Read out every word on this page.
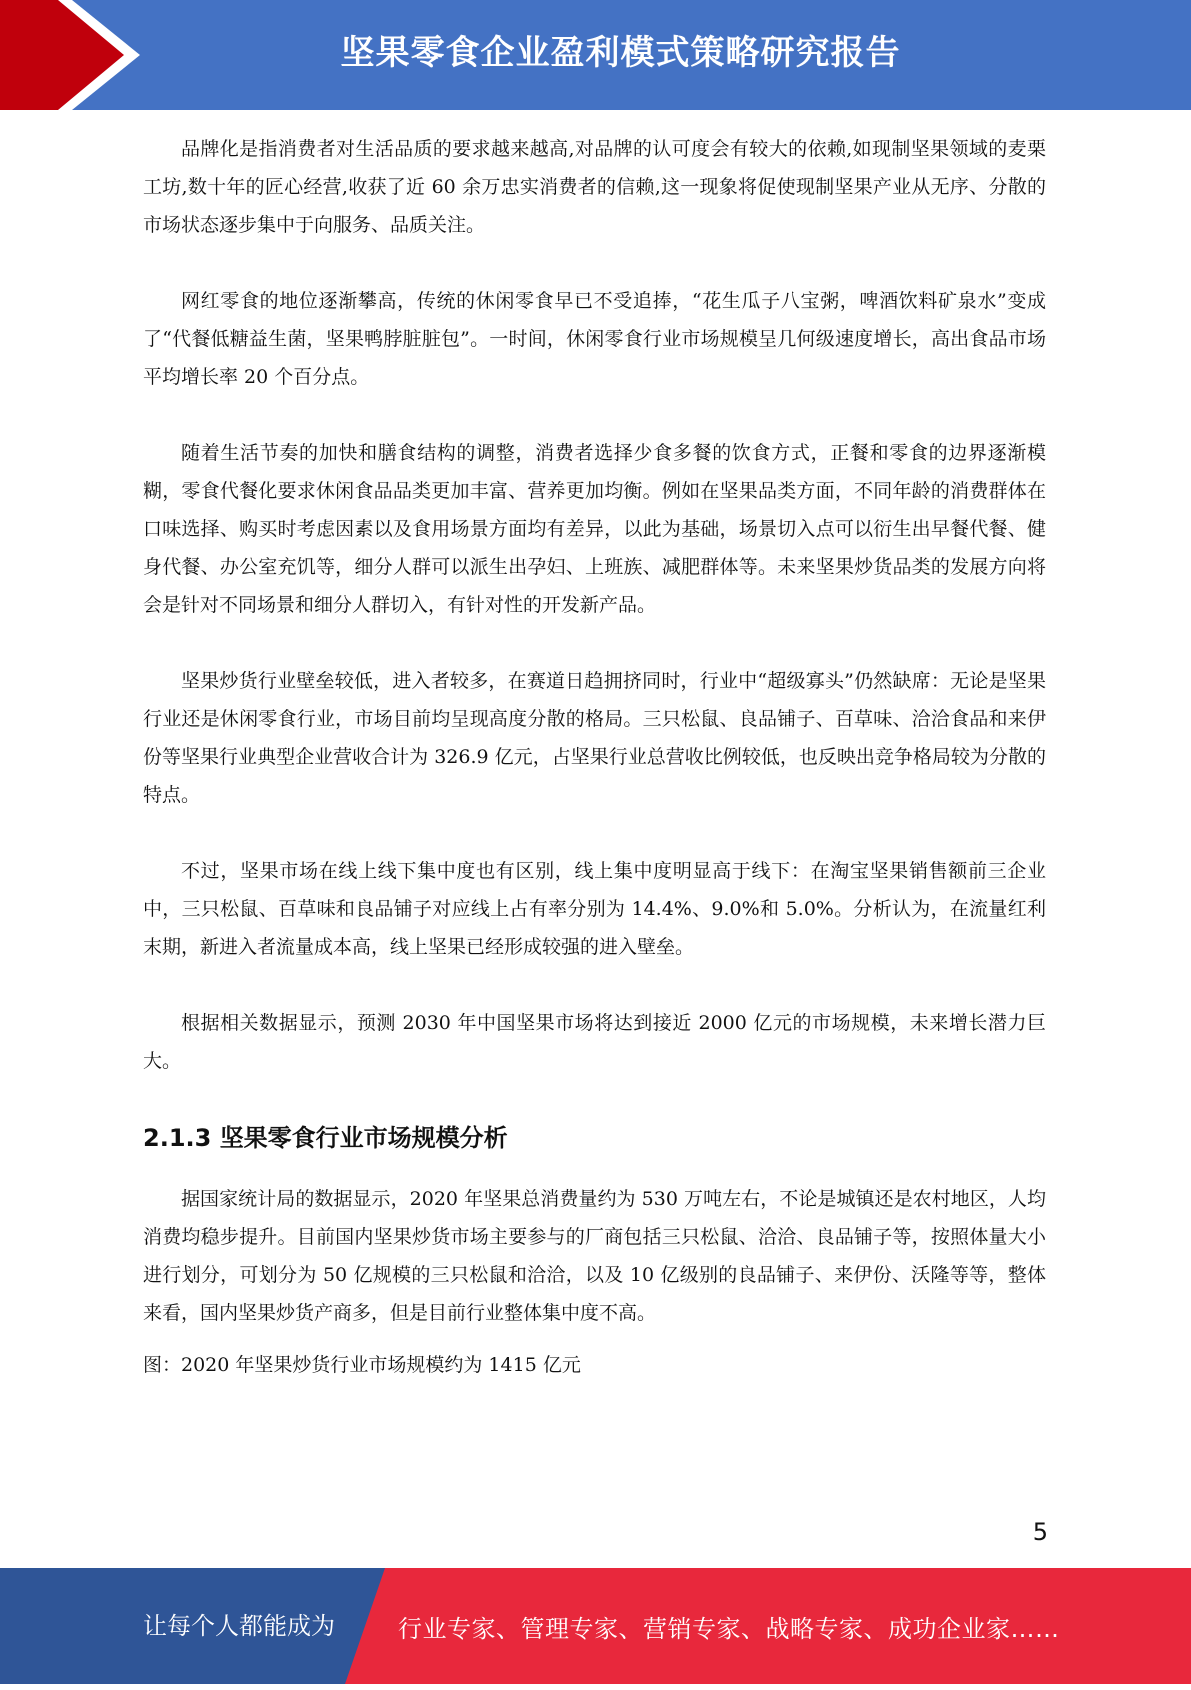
坚果零食企业盈利模式策略研究报告

品牌化是指消费者对生活品质的要求越来越高,对品牌的认可度会有较大的依赖,如现制坚果领域的麦栗工坊,数十年的匠心经营,收获了近 60 余万忠实消费者的信赖,这一现象将促使现制坚果产业从无序、分散的市场状态逐步集中于向服务、品质关注。

网红零食的地位逐渐攀高，传统的休闲零食早已不受追捧，“花生瓜子八宝粥，啤酒饮料矿泉水”变成了“代餐低糖益生菌，坚果鸭脖脏脏包”。一时间，休闲零食行业市场规模呈几何级速度增长，高出食品市场平均增长率 20 个百分点。

随着生活节奏的加快和膳食结构的调整，消费者选择少食多餐的饮食方式，正餐和零食的边界逐渐模糊，零食代餐化要求休闲食品品类更加丰富、营养更加均衡。例如在坚果品类方面，不同年龄的消费群体在口味选择、购买时考虑因素以及食用场景方面均有差异，以此为基础，场景切入点可以衍生出早餐代餐、健身代餐、办公室充饥等，细分人群可以派生出孕妇、上班族、减肥群体等。未来坚果炒货品类的发展方向将会是针对不同场景和细分人群切入，有针对性的开发新产品。

坚果炒货行业壁垒较低，进入者较多，在赛道日趋拥挤同时，行业中“超级寡头”仍然缺席：无论是坚果行业还是休闲零食行业，市场目前均呈现高度分散的格局。三只松鼠、良品铺子、百草味、洽洽食品和来伊份等坚果行业典型企业营收合计为 326.9 亿元，占坚果行业总营收比例较低，也反映出竞争格局较为分散的特点。

不过，坚果市场在线上线下集中度也有区别，线上集中度明显高于线下：在淘宝坚果销售额前三企业中，三只松鼠、百草味和良品铺子对应线上占有率分别为 14.4%、9.0%和 5.0%。分析认为，在流量红利末期，新进入者流量成本高，线上坚果已经形成较强的进入壁垒。

根据相关数据显示，预测 2030 年中国坚果市场将达到接近 2000 亿元的市场规模，未来增长潜力巨大。

2.1.3 坚果零食行业市场规模分析

据国家统计局的数据显示，2020 年坚果总消费量约为 530 万吨左右，不论是城镇还是农村地区，人均消费均稳步提升。目前国内坚果炒货市场主要参与的厂商包括三只松鼠、洽洽、良品铺子等，按照体量大小进行划分，可划分为 50 亿规模的三只松鼠和洽洽，以及 10 亿级别的良品铺子、来伊份、沃隆等等，整体来看，国内坚果炒货产商多，但是目前行业整体集中度不高。

图：2020 年坚果炒货行业市场规模约为 1415 亿元

5
让每个人都能成为	行业专家、管理专家、营销专家、战略专家、成功企业家……
